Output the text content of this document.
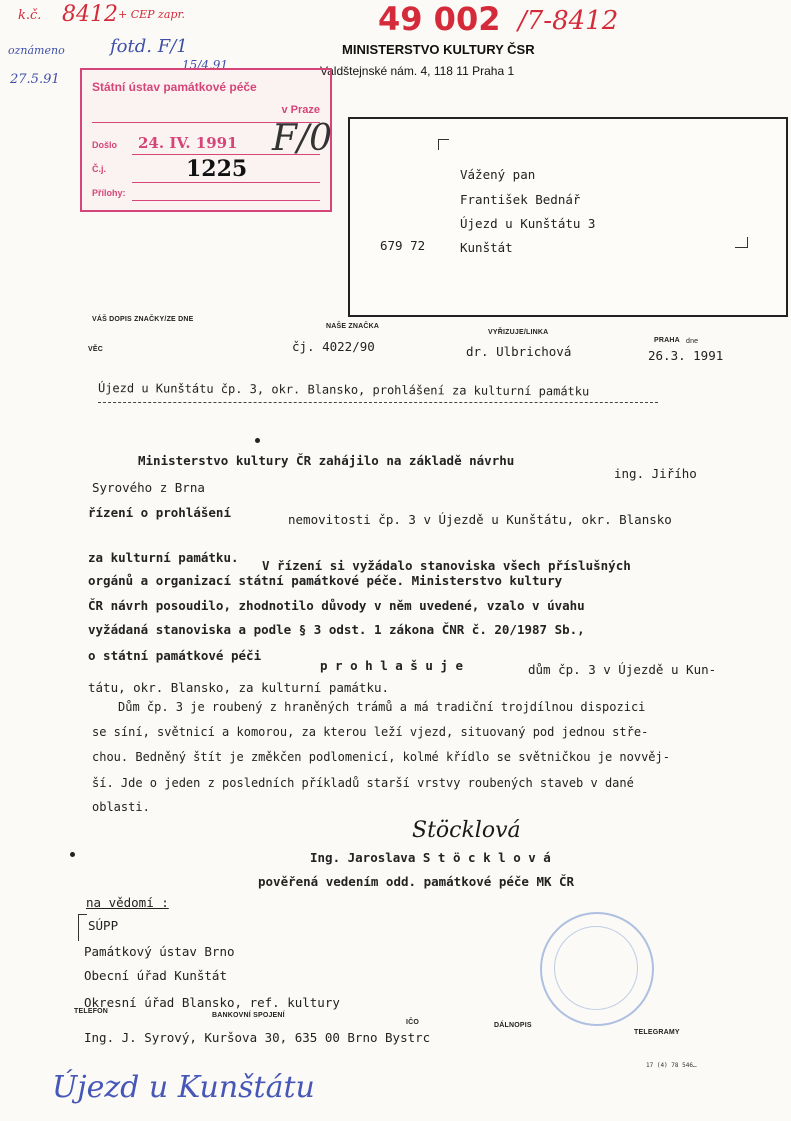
k.č. 8412 + CEP zapr.
oznámeno	fotd. F/1
27.5.91
15/4.91
49 002 /7-8412
MINISTERSTVO KULTURY ČSR
Valdštejnské nám. 4, 118 11 Praha 1
Státní ústav památkové péče
v Praze
Došlo 24. IV. 1991
Č.j.	1225
Přílohy:
F/0
Vážený pan
František Bednář
Újezd u Kunštátu 3
679 72	Kunštát
VÁŠ DOPIS ZNAČKY/ZE DNE
NAŠE ZNAČKA
VYŘIZUJE/LINKA
PRAHA dne
VĚC	čj. 4022/90	dr. Ulbrichová	26.3. 1991
Újezd u Kunštátu čp. 3, okr. Blansko, prohlášení za kulturní památku
Ministerstvo kultury ČR zahájilo na základě návrhu
ing. Jiřího
Syrového z Brna
řízení o prohlášení	nemovitosti čp. 3 v Újezdě u Kunštátu, okr. Blansko
za kulturní památku.
V řízení si vyžádalo stanoviska všech příslušných
orgánů a organizací státní památkové péče. Ministerstvo kultury
ČR návrh posoudilo, zhodnotilo důvody v něm uvedené, vzalo v úvahu
vyžádaná stanoviska a podle § 3 odst. 1 zákona ČNR č. 20/1987 Sb.,
o státní památkové péči
p r o h l a š u j e	dům čp. 3 v Újezdě u Kun-
tátu, okr. Blansko, za kulturní památku.
Dům čp. 3 je roubený z hraněných trámů a má tradiční trojdílnou dispozici
se síní, světnicí a komorou, za kterou leží vjezd, situovaný pod jednou stře-
chou. Bedněný štít je změkčen podlomenicí, kolmé křídlo se světničkou je novvěj-
ší. Jde o jeden z posledních příkladů starší vrstvy roubených staveb v dané
oblasti.
Stöcklová
Ing. Jaroslava S t ö c k l o v á
pověřená vedením odd. památkové péče MK ČR
na vědomí :
SÚPP
Památkový ústav Brno
Obecní úřad Kunštát
Okresní úřad Blansko, ref. kultury
Ing. J. Syrový, Kuršova 30, 635 00 Brno Bystrc
TELEFON
BANKOVNÍ SPOJENÍ
IČO	DÁLNOPIS
TELEGRAMY
17 (4) 78 546…
Újezd u Kunštátu
